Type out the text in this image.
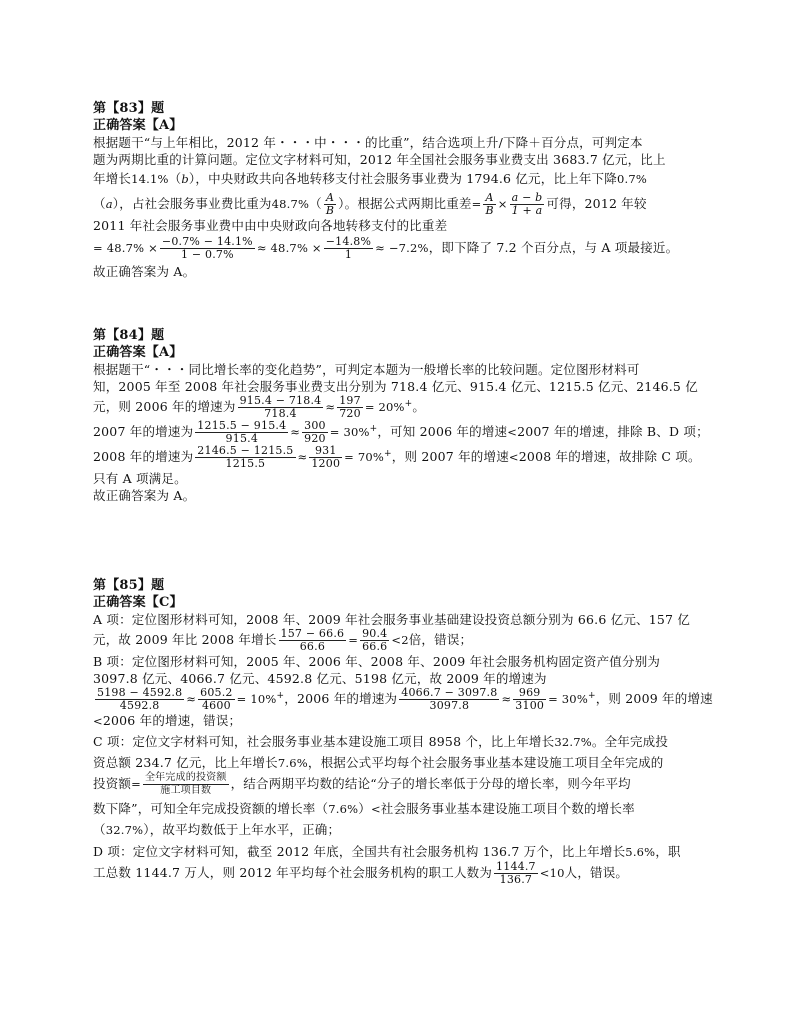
第【83】题
正确答案【A】
根据题干“与上年相比，2012 年・・・中・・・的比重”，结合选项上升/下降＋百分点，可判定本
题为两期比重的计算问题。定位文字材料可知，2012 年全国社会服务事业费支出 3683.7 亿元，比上
年增长14.1%（b），中央财政共向各地转移支付社会服务事业费为 1794.6 亿元，比上年下降0.7%
（a），占社会服务事业费比重为$48.7\%( \frac{A}{B}$ ）。根据公式两期比重差= $\frac{A}{B} \times \frac{a - b}{1 + a}$ 可得，2012 年较
2011 年社会服务事业费中由中央财政向各地转移支付的比重差
= $48.7\% \times \frac{-0.7\% - 14.1\%}{1 - 0.7\%} \approx 48.7\% \times \frac{-14.8\%}{1} \approx -7.2\%$，即下降了 7.2 个百分点，与 A 项最接近。
故正确答案为 A。
第【84】题
正确答案【A】
根据题干“・・・同比增长率的变化趋势”，可判定本题为一般增长率的比较问题。定位图形材料可
知，2005 年至 2008 年社会服务事业费支出分别为 718.4 亿元、915.4 亿元、1215.5 亿元、2146.5 亿
元，则 2006 年的增速为 $\frac{915.4 - 718.4}{718.4} \approx \frac{197}{720} = 20\%^+$。
2007 年的增速为 $\frac{1215.5 - 915.4}{915.4} \approx \frac{300}{920} = 30\%^+$，可知 2006 年的增速<2007 年的增速，排除 B、D 项；
2008 年的增速为 $\frac{2146.5 - 1215.5}{1215.5} \approx \frac{931}{1200} = 70\%^+$，则 2007 年的增速<2008 年的增速，故排除 C 项。
只有 A 项满足。
故正确答案为 A。
第【85】题
正确答案【C】
A 项：定位图形材料可知，2008 年、2009 年社会服务事业基础建设投资总额分别为 66.6 亿元、157 亿
元，故 2009 年比 2008 年增长 $\frac{157 - 66.6}{66.6} = \frac{90.4}{66.6} <2$倍，错误；
B 项：定位图形材料可知，2005 年、2006 年、2008 年、2009 年社会服务机构固定资产值分别为
3097.8 亿元、4066.7 亿元、4592.8 亿元、5198 亿元，故 2009 年的增速为
$\frac{5198 - 4592.8}{4592.8} \approx \frac{605.2}{4600} = 10\%^+$，2006 年的增速为 $\frac{4066.7 - 3097.8}{3097.8} \approx \frac{969}{3100} = 30\%^+$，则 2009 年的增速
<2006 年的增速，错误；
C 项：定位文字材料可知，社会服务事业基本建设施工项目 8958 个，比上年增长32.7%。全年完成投
资总额 234.7 亿元，比上年增长7.6%，根据公式平均每个社会服务事业基本建设施工项目全年完成的
投资额= $\frac{\text{全年完成的投资额}}{\text{施工项目数}}$ ，结合两期平均数的结论“分子的增长率低于分母的增长率，则今年平均
数下降”，可知全年完成投资额的增长率（7.6%）<社会服务事业基本建设施工项目个数的增长率
（32.7%），故平均数低于上年水平，正确；
D 项：定位文字材料可知，截至 2012 年底，全国共有社会服务机构 136.7 万个，比上年增长5.6%，职
工总数 1144.7 万人，则 2012 年平均每个社会服务机构的职工人数为 $\frac{1144.7}{136.7} <10$人，错误。
